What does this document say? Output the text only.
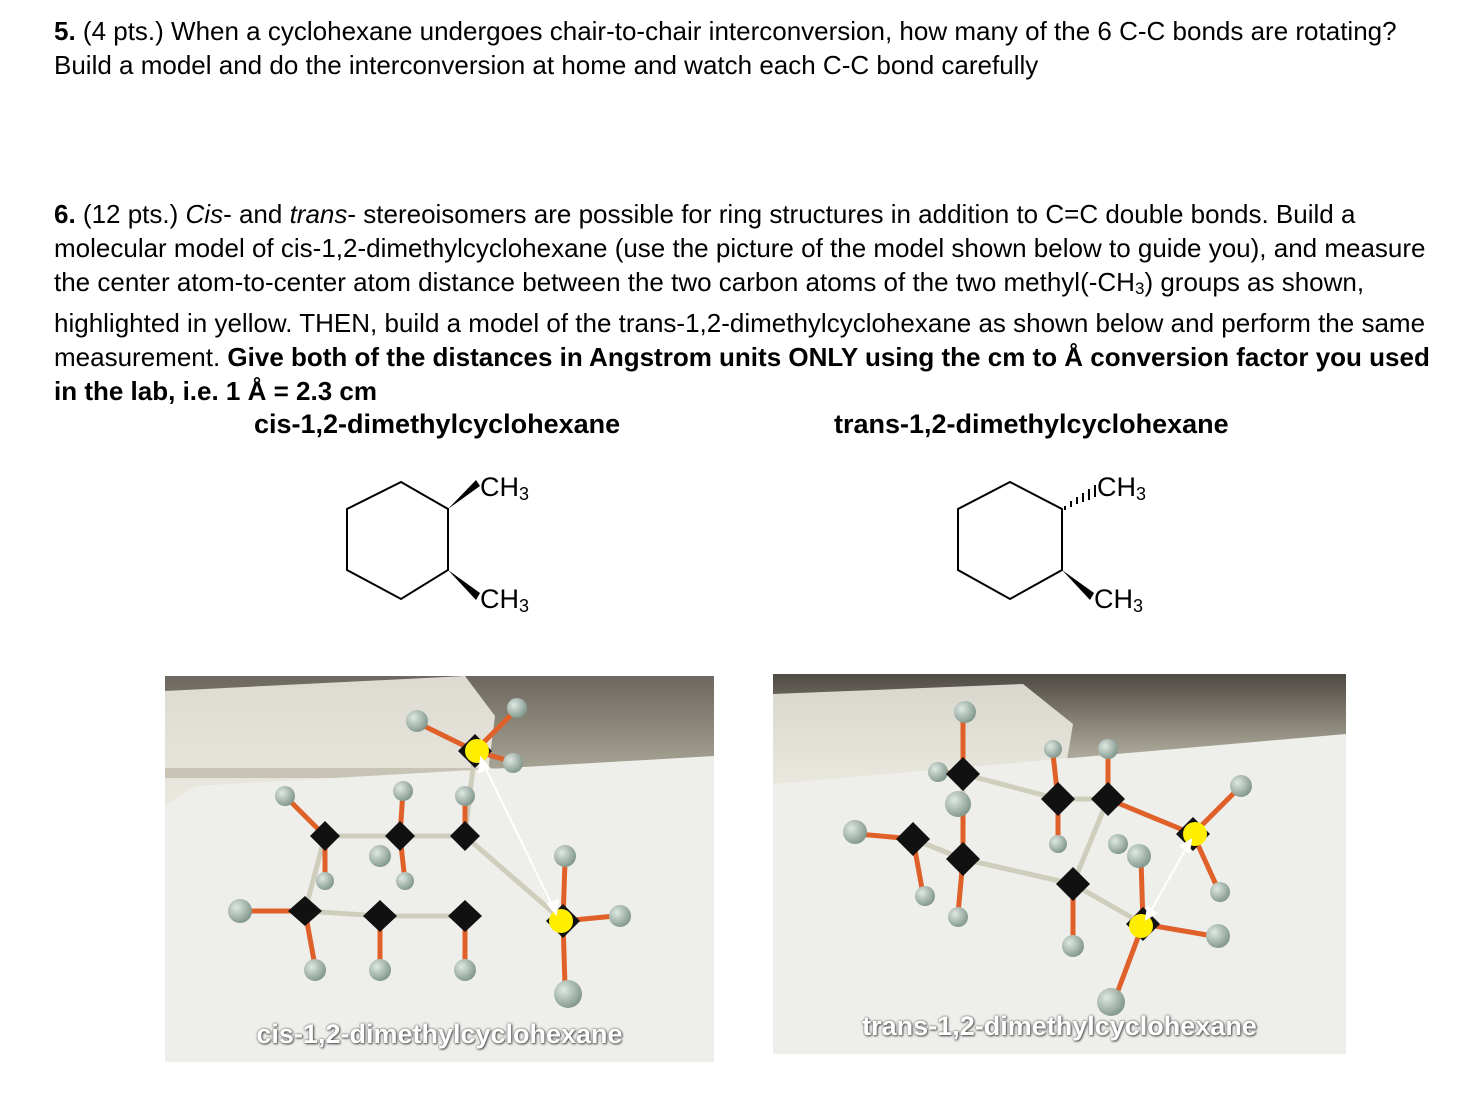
5. (4 pts.) When a cyclohexane undergoes chair-to-chair interconversion, how many of the 6 C-C bonds are rotating? Build a model and do the interconversion at home and watch each C-C bond carefully

6. (12 pts.) Cis- and trans- stereoisomers are possible for ring structures in addition to C=C double bonds. Build a molecular model of cis-1,2-dimethylcyclohexane (use the picture of the model shown below to guide you), and measure the center atom-to-center atom distance between the two carbon atoms of the two methyl(-CH3) groups as shown, highlighted in yellow. THEN, build a model of the trans-1,2-dimethylcyclohexane as shown below and perform the same measurement. Give both of the distances in Angstrom units ONLY using the cm to Å conversion factor you used in the lab, i.e. 1 Å = 2.3 cm

cis-1,2-dimethylcyclohexane	trans-1,2-dimethylcyclohexane
CH3
CH3
CH3
CH3
cis-1,2-dimethylcyclohexane	trans-1,2-dimethylcyclohexane
